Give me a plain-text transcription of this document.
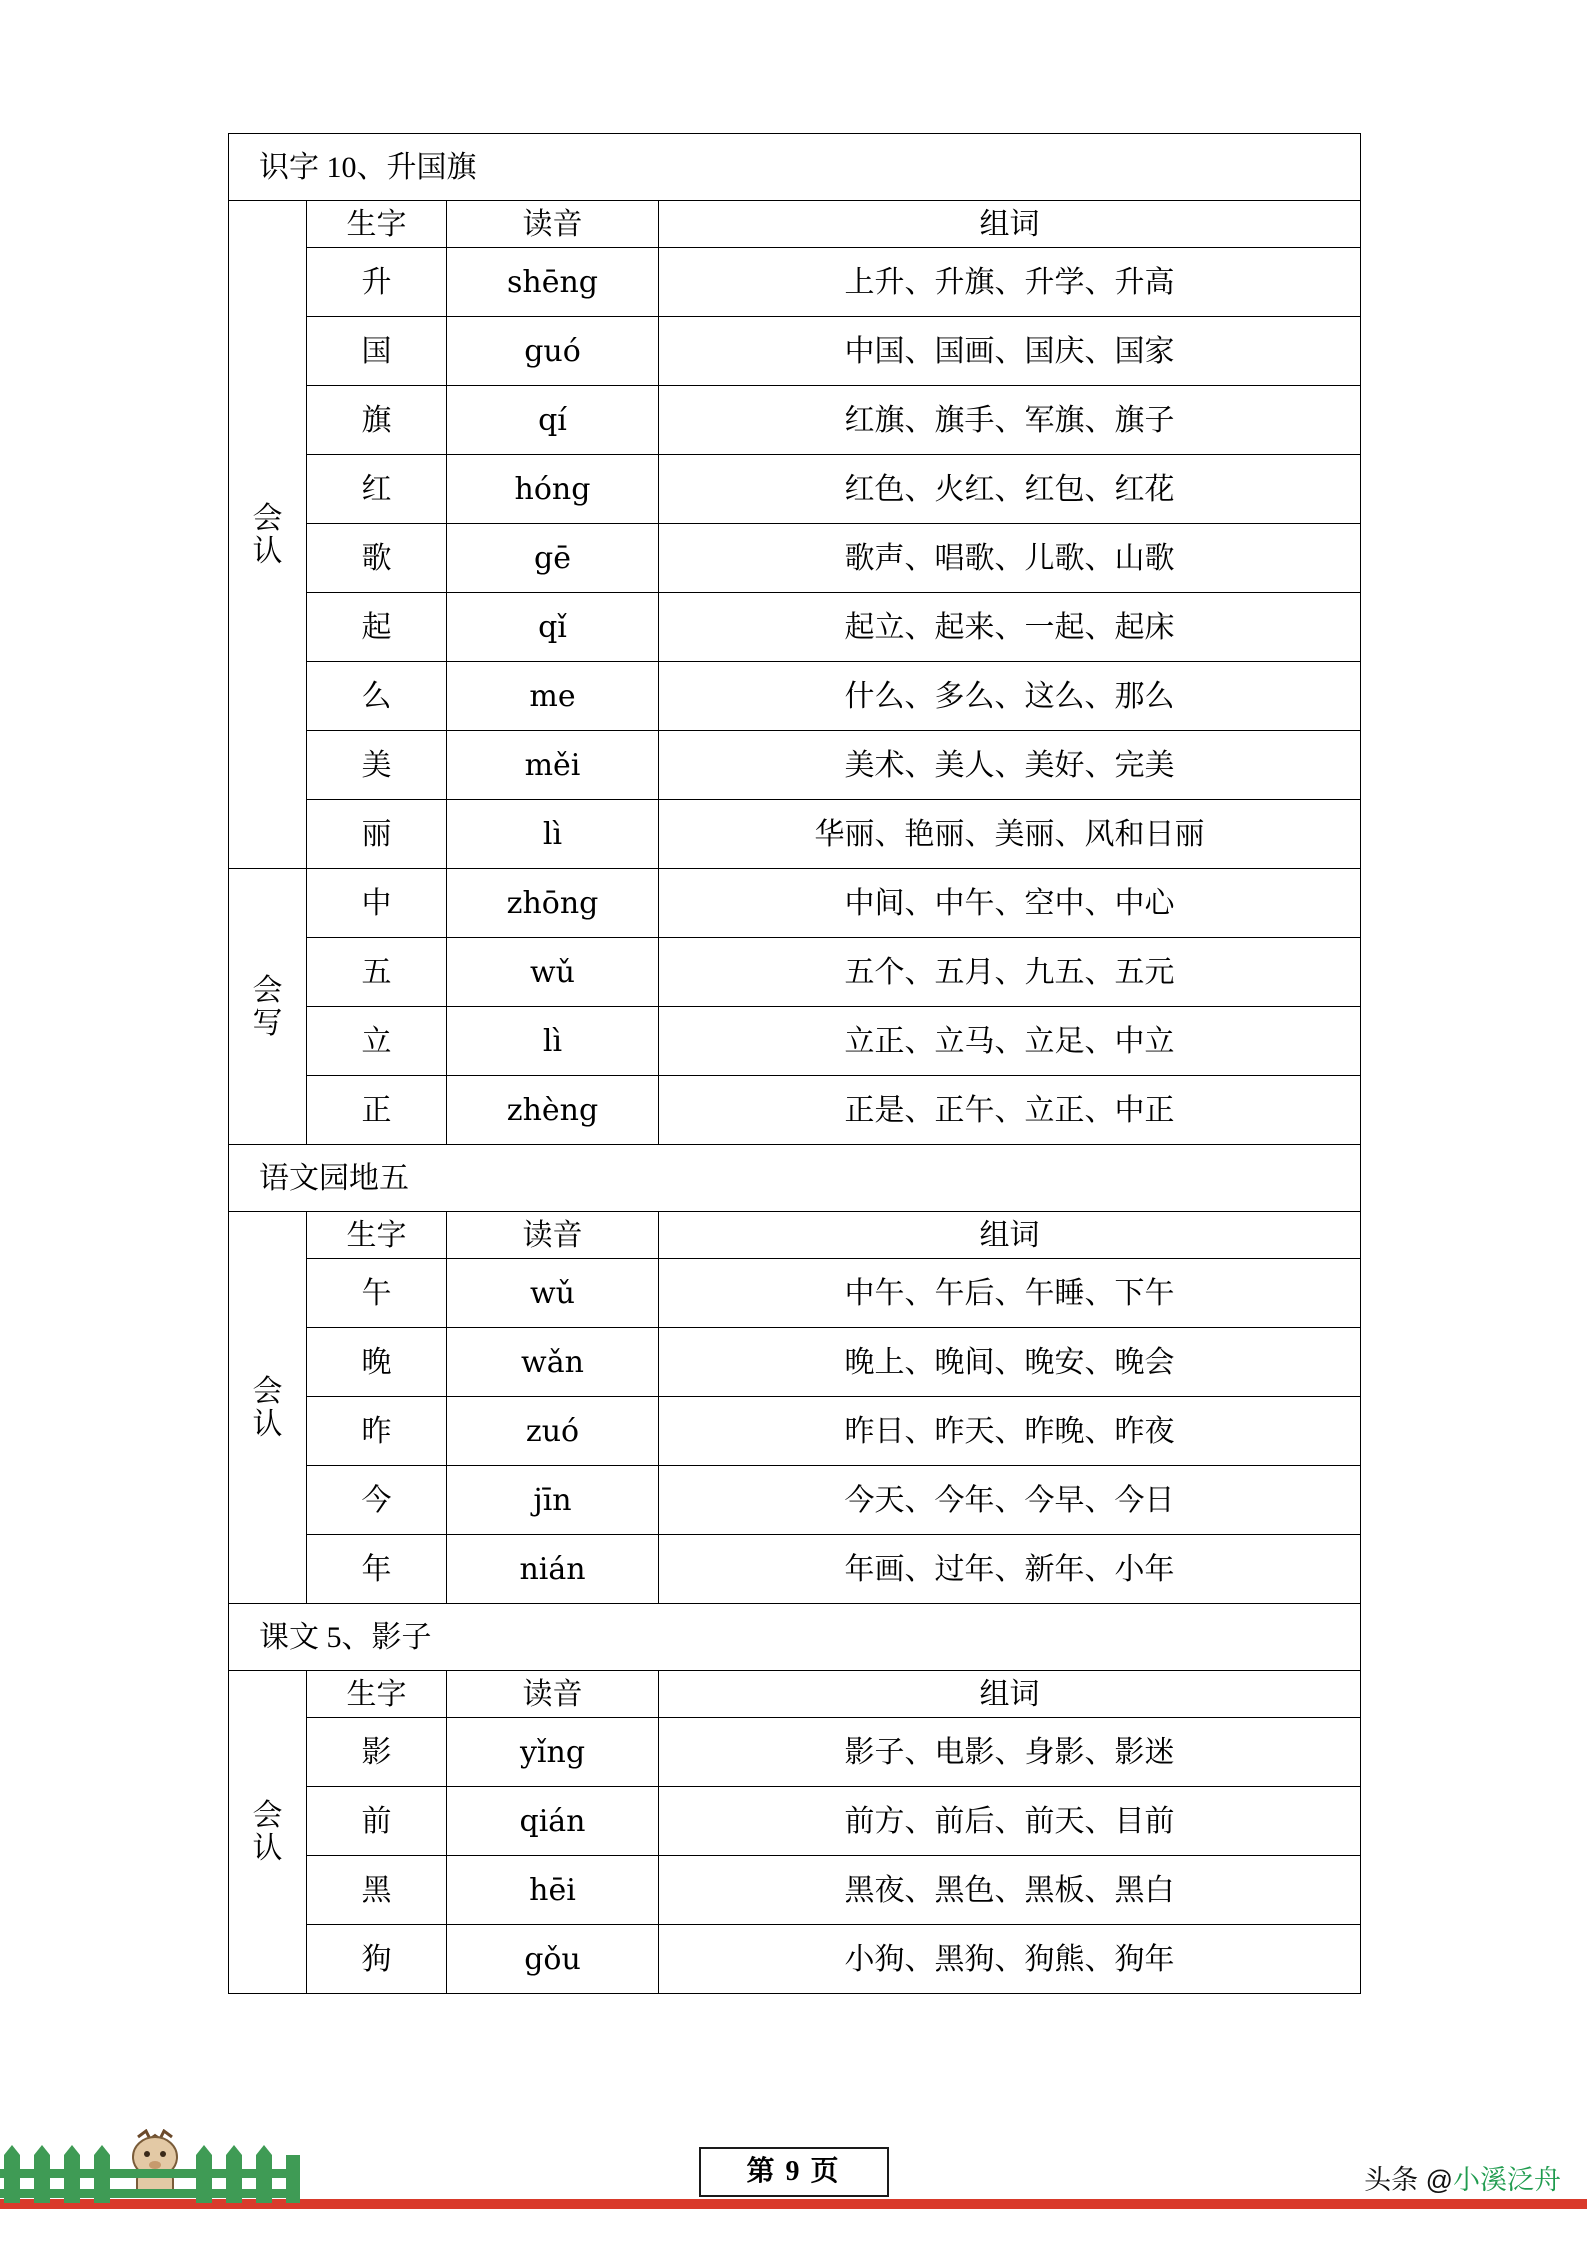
识字 10、升国旗			

会
认	生字	读音	组词
	升	shēng	上升、升旗、升学、升高
	国	guó	中国、国画、国庆、国家
	旗	qí	红旗、旗手、军旗、旗子
	红	hóng	红色、火红、红包、红花
	歌	gē	歌声、唱歌、儿歌、山歌
	起	qǐ	起立、起来、一起、起床
	么	me	什么、多么、这么、那么
	美	měi	美术、美人、美好、完美
	丽	lì	华丽、艳丽、美丽、风和日丽

会
写	中	zhōng	中间、中午、空中、中心
	五	wǔ	五个、五月、九五、五元
	立	lì	立正、立马、立足、中立
	正	zhèng	正是、正午、立正、中正
语文园地五			

会
认	生字	读音	组词
	午	wǔ	中午、午后、午睡、下午
	晚	wǎn	晚上、晚间、晚安、晚会
	昨	zuó	昨日、昨天、昨晚、昨夜
	今	jīn	今天、今年、今早、今日
	年	nián	年画、过年、新年、小年
课文 5、影子			

会
认	生字	读音	组词
	影	yǐng	影子、电影、身影、影迷
	前	qián	前方、前后、前天、目前
	黑	hēi	黑夜、黑色、黑板、黑白
	狗	gǒu	小狗、黑狗、狗熊、狗年
第 9 页	头条 @小溪泛舟
